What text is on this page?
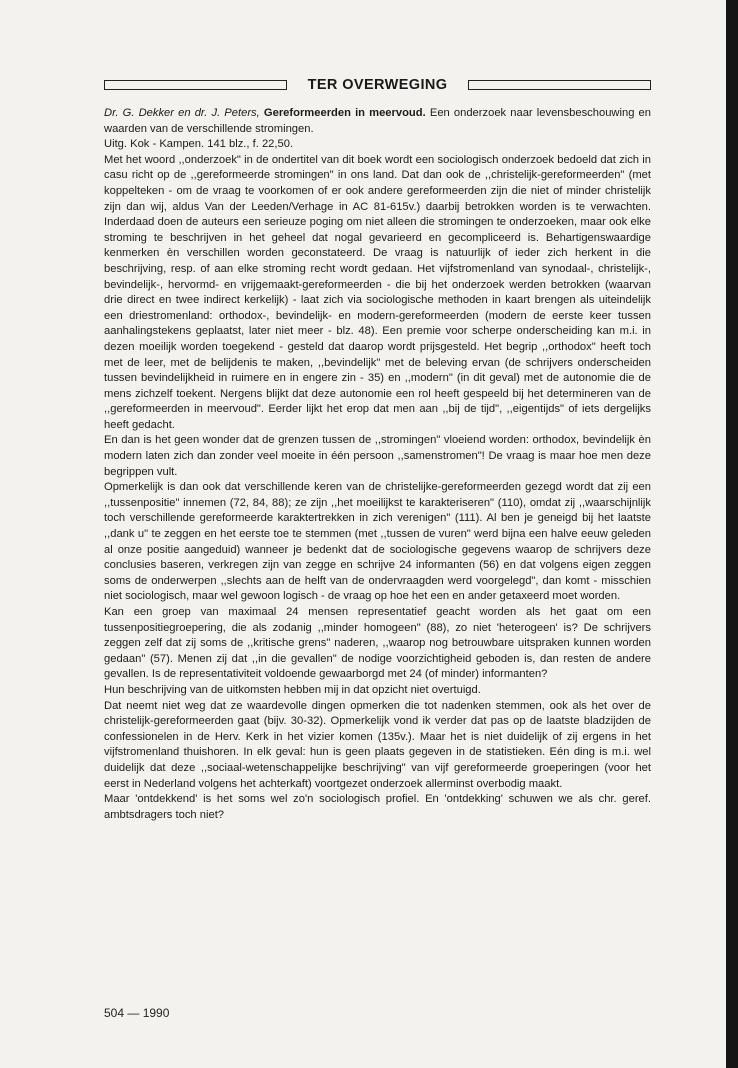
TER OVERWEGING

Dr. G. Dekker en dr. J. Peters, Gereformeerden in meervoud. Een onderzoek naar levensbeschouwing en waarden van de verschillende stromingen.

Uitg. Kok - Kampen. 141 blz., f. 22,50.

Met het woord ,,onderzoek" in de ondertitel van dit boek wordt een sociologisch onderzoek bedoeld dat zich in casu richt op de ,,gereformeerde stromingen" in ons land. Dat dan ook de ,,christelijk-gereformeerden" (met koppelteken - om de vraag te voorkomen of er ook andere gereformeerden zijn die niet of minder christelijk zijn dan wij, aldus Van der Leeden/Verhage in AC 81-615v.) daarbij betrokken worden is te verwachten. Inderdaad doen de auteurs een serieuze poging om niet alleen die stromingen te onderzoeken, maar ook elke stroming te beschrijven in het geheel dat nogal gevarieerd en gecompliceerd is. Behartigenswaardige kenmerken èn verschillen worden geconstateerd. De vraag is natuurlijk of ieder zich herkent in die beschrijving, resp. of aan elke stroming recht wordt gedaan. Het vijfstromenland van synodaal-, christelijk-, bevindelijk-, hervormd- en vrijgemaakt-gereformeerden - die bij het onderzoek werden betrokken (waarvan drie direct en twee indirect kerkelijk) - laat zich via sociologische methoden in kaart brengen als uiteindelijk een driestromenland: orthodox-, bevindelijk- en modern-gereformeerden (modern de eerste keer tussen aanhalingstekens geplaatst, later niet meer - blz. 48). Een premie voor scherpe onderscheiding kan m.i. in dezen moeilijk worden toegekend - gesteld dat daarop wordt prijsgesteld. Het begrip ,,orthodox" heeft toch met de leer, met de belijdenis te maken, ,,bevindelijk" met de beleving ervan (de schrijvers onderscheiden tussen bevindelijkheid in ruimere en in engere zin - 35) en ,,modern" (in dit geval) met de autonomie die de mens zichzelf toekent. Nergens blijkt dat deze autonomie een rol heeft gespeeld bij het determineren van de ,,gereformeerden in meervoud". Eerder lijkt het erop dat men aan ,,bij de tijd", ,,eigentijds" of iets dergelijks heeft gedacht.

En dan is het geen wonder dat de grenzen tussen de ,,stromingen" vloeiend worden: orthodox, bevindelijk èn modern laten zich dan zonder veel moeite in één persoon ,,samenstromen"! De vraag is maar hoe men deze begrippen vult.

Opmerkelijk is dan ook dat verschillende keren van de christelijke-gereformeerden gezegd wordt dat zij een ,,tussenpositie" innemen (72, 84, 88); ze zijn ,,het moeilijkst te karakteriseren" (110), omdat zij ,,waarschijnlijk toch verschillende gereformeerde karaktertrekken in zich verenigen" (111). Al ben je geneigd bij het laatste ,,dank u" te zeggen en het eerste toe te stemmen (met ,,tussen de vuren" werd bijna een halve eeuw geleden al onze positie aangeduid) wanneer je bedenkt dat de sociologische gegevens waarop de schrijvers deze conclusies baseren, verkregen zijn van zegge en schrijve 24 informanten (56) en dat volgens eigen zeggen soms de onderwerpen ,,slechts aan de helft van de ondervraagden werd voorgelegd", dan komt - misschien niet sociologisch, maar wel gewoon logisch - de vraag op hoe het een en ander getaxeerd moet worden.

Kan een groep van maximaal 24 mensen representatief geacht worden als het gaat om een tussenpositiegroepering, die als zodanig ,,minder homogeen" (88), zo niet 'heterogeen' is? De schrijvers zeggen zelf dat zij soms de ,,kritische grens" naderen, ,,waarop nog betrouwbare uitspraken kunnen worden gedaan" (57). Menen zij dat ,,in die gevallen" de nodige voorzichtigheid geboden is, dan resten de andere gevallen. Is de representativiteit voldoende gewaarborgd met 24 (of minder) informanten?

Hun beschrijving van de uitkomsten hebben mij in dat opzicht niet overtuigd.

Dat neemt niet weg dat ze waardevolle dingen opmerken die tot nadenken stemmen, ook als het over de christelijk-gereformeerden gaat (bijv. 30-32). Opmerkelijk vond ik verder dat pas op de laatste bladzijden de confessionelen in de Herv. Kerk in het vizier komen (135v.). Maar het is niet duidelijk of zij ergens in het vijfstromenland thuishoren. In elk geval: hun is geen plaats gegeven in de statistieken. Eén ding is m.i. wel duidelijk dat deze ,,sociaal-wetenschappelijke beschrijving" van vijf gereformeerde groeperingen (voor het eerst in Nederland volgens het achterkaft) voortgezet onderzoek allerminst overbodig maakt.

Maar 'ontdekkend' is het soms wel zo'n sociologisch profiel. En 'ontdekking' schuwen we als chr. geref. ambtsdragers toch niet?

504 — 1990
